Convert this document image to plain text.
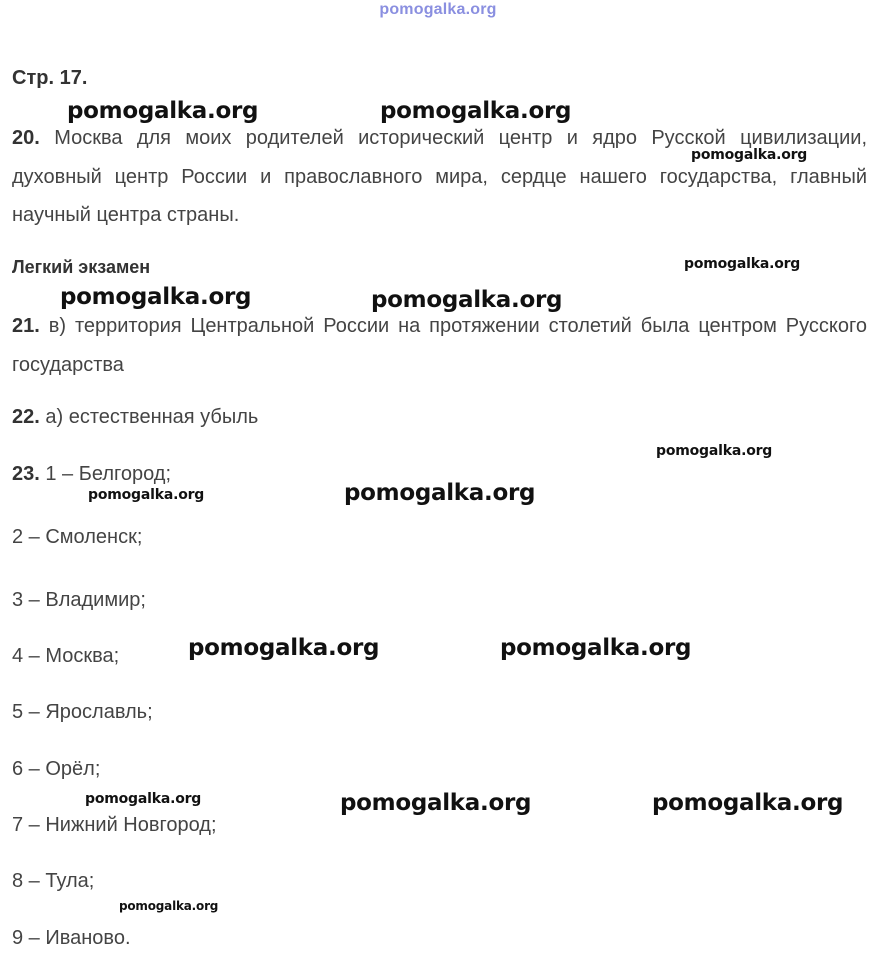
pomogalka.org
Стр. 17.
20. Москва для моих родителей исторический центр и ядро Русской цивилизации, духовный центр России и православного мира, сердце нашего государства, главный научный центра страны.
Легкий экзамен
21. в) территория Центральной России на протяжении столетий была центром Русского государства
22. а) естественная убыль
23. 1 – Белгород;
2 – Смоленск;
3 – Владимир;
4 – Москва;
5 – Ярославль;
6 – Орёл;
7 – Нижний Новгород;
8 – Тула;
9 – Иваново.
pomogalka.org	pomogalka.org
pomogalka.org
pomogalka.org
pomogalka.org	pomogalka.org
pomogalka.org
pomogalka.org	pomogalka.org
pomogalka.org	pomogalka.org
pomogalka.org	pomogalka.org	pomogalka.org
pomogalka.org
